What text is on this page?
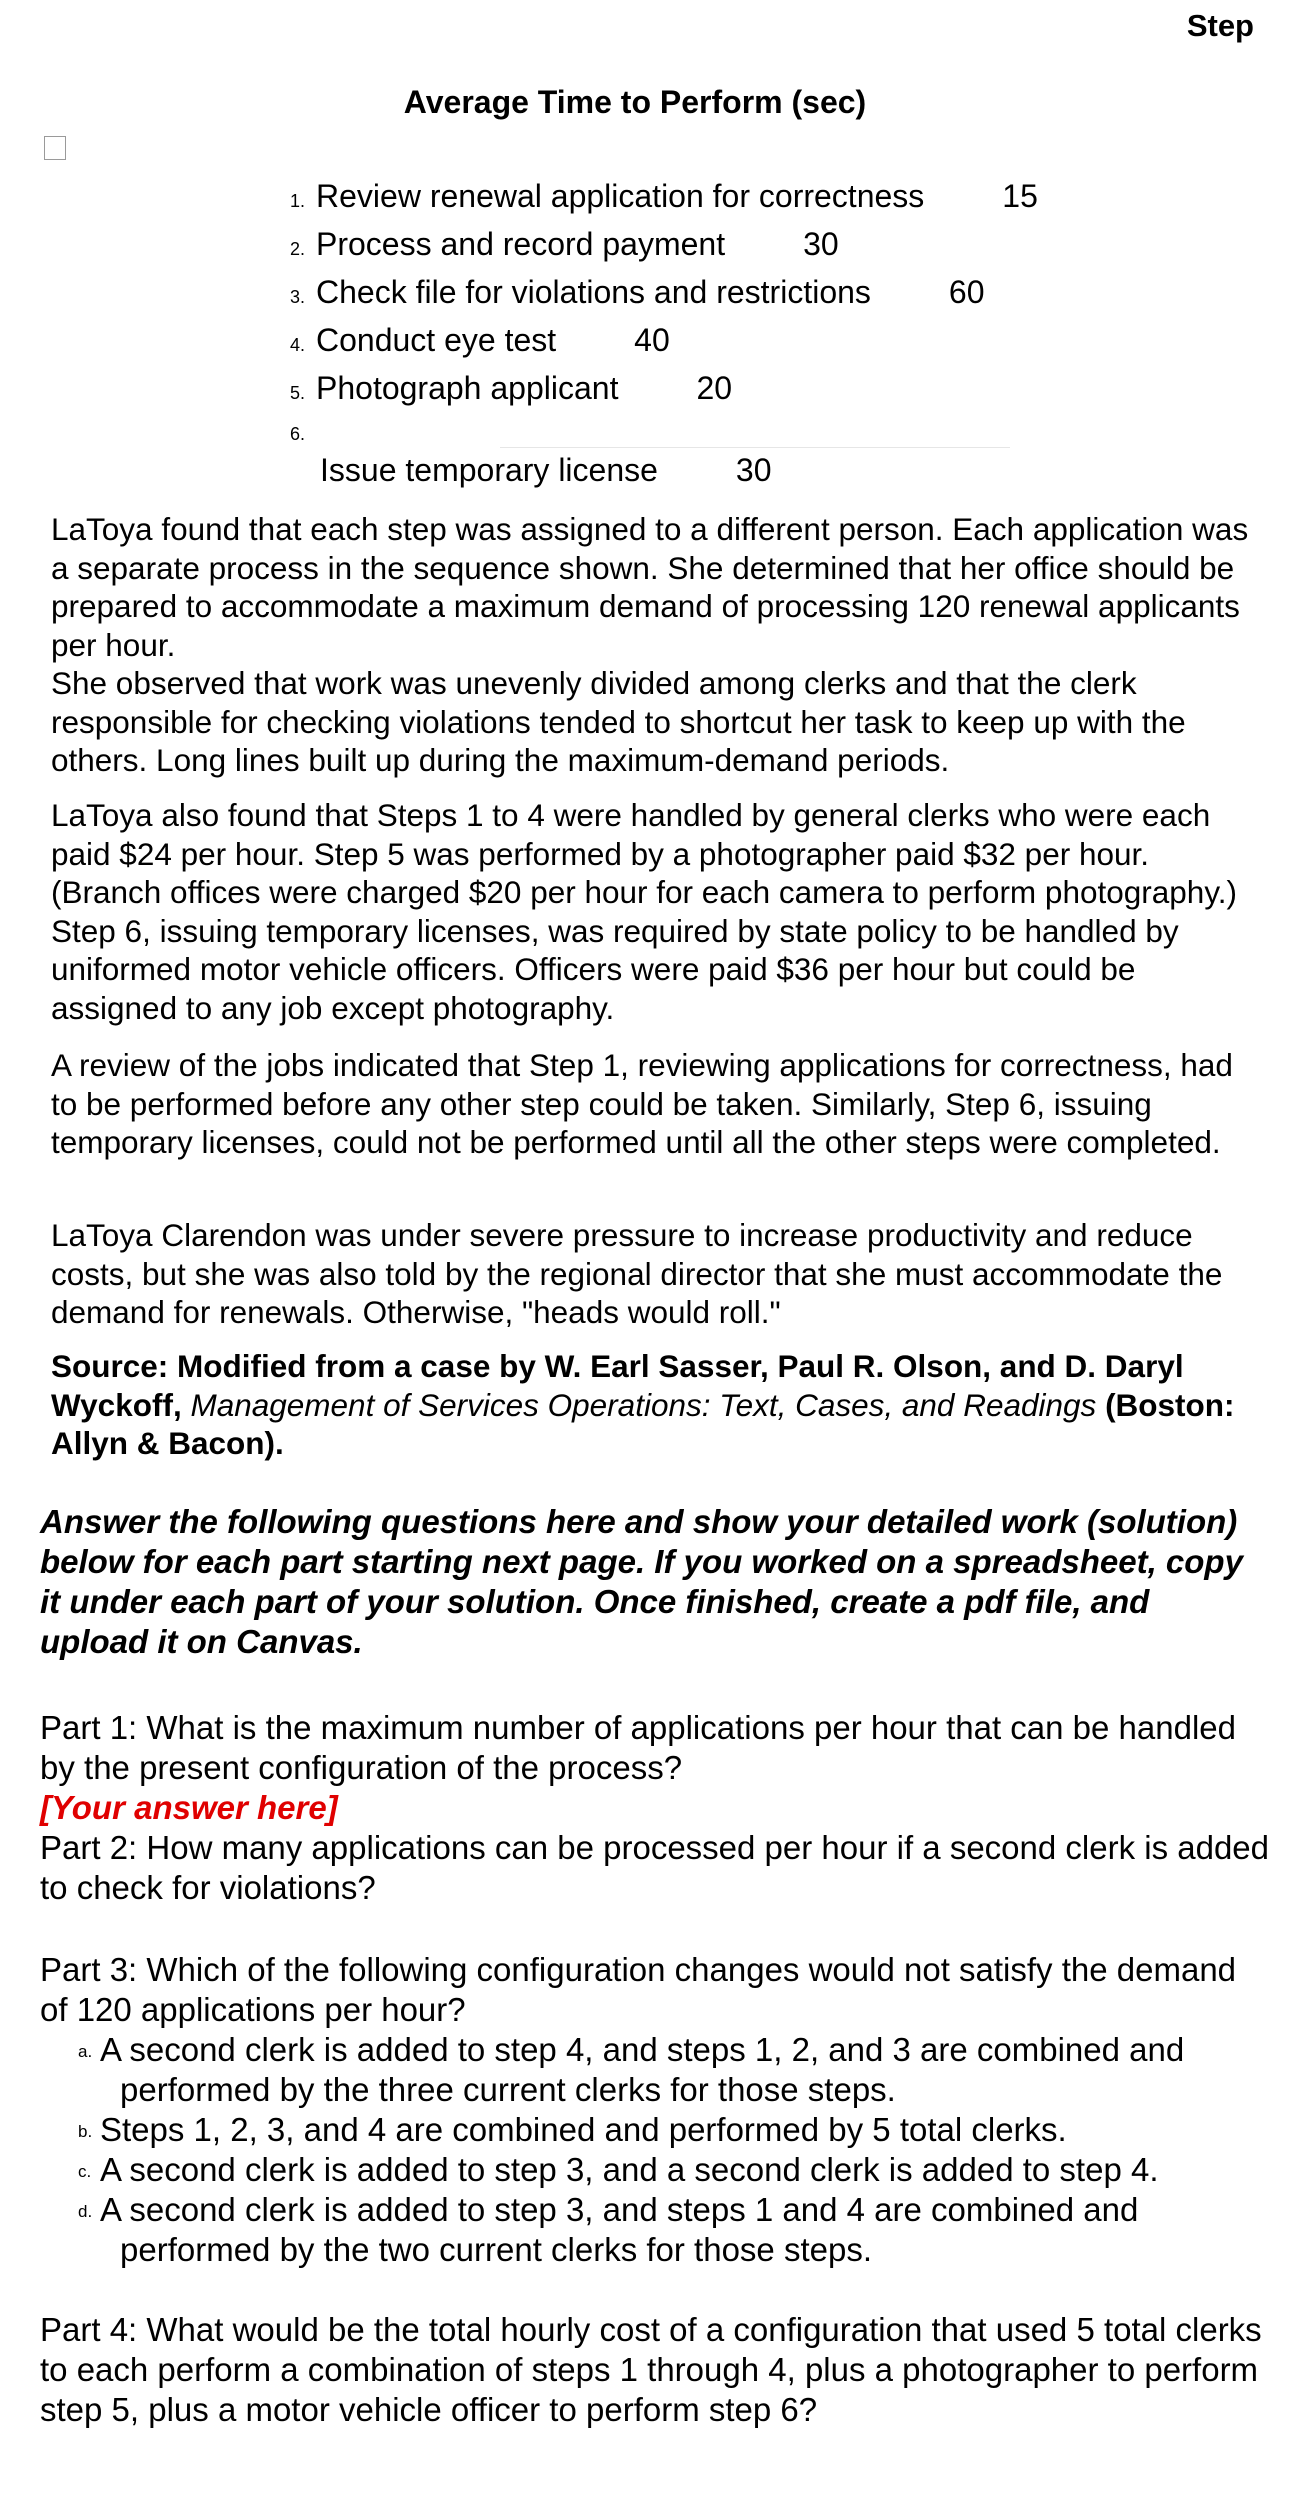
Step
Average Time to Perform (sec)
1. Review renewal application for correctness 15
2. Process and record payment 30
3. Check file for violations and restrictions 60
4. Conduct eye test 40
5. Photograph applicant 20
6.
Issue temporary license 30

LaToya found that each step was assigned to a different person. Each application was a separate process in the sequence shown. She determined that her office should be prepared to accommodate a maximum demand of processing 120 renewal applicants per hour.

She observed that work was unevenly divided among clerks and that the clerk responsible for checking violations tended to shortcut her task to keep up with the others. Long lines built up during the maximum-demand periods.

LaToya also found that Steps 1 to 4 were handled by general clerks who were each paid $24 per hour. Step 5 was performed by a photographer paid $32 per hour. (Branch offices were charged $20 per hour for each camera to perform photography.) Step 6, issuing temporary licenses, was required by state policy to be handled by uniformed motor vehicle officers. Officers were paid $36 per hour but could be assigned to any job except photography.

A review of the jobs indicated that Step 1, reviewing applications for correctness, had to be performed before any other step could be taken. Similarly, Step 6, issuing temporary licenses, could not be performed until all the other steps were completed.

LaToya Clarendon was under severe pressure to increase productivity and reduce costs, but she was also told by the regional director that she must accommodate the demand for renewals. Otherwise, "heads would roll."

Source: Modified from a case by W. Earl Sasser, Paul R. Olson, and D. Daryl Wyckoff, Management of Services Operations: Text, Cases, and Readings (Boston: Allyn & Bacon).
Answer the following questions here and show your detailed work (solution) below for each part starting next page. If you worked on a spreadsheet, copy it under each part of your solution. Once finished, create a pdf file, and upload it on Canvas.
Part 1: What is the maximum number of applications per hour that can be handled by the present configuration of the process?
[Your answer here]
Part 2: How many applications can be processed per hour if a second clerk is added to check for violations?
Part 3: Which of the following configuration changes would not satisfy the demand of 120 applications per hour?
a. A second clerk is added to step 4, and steps 1, 2, and 3 are combined and
performed by the three current clerks for those steps.
b. Steps 1, 2, 3, and 4 are combined and performed by 5 total clerks.
c. A second clerk is added to step 3, and a second clerk is added to step 4.
d. A second clerk is added to step 3, and steps 1 and 4 are combined and
performed by the two current clerks for those steps.
Part 4: What would be the total hourly cost of a configuration that used 5 total clerks to each perform a combination of steps 1 through 4, plus a photographer to perform step 5, plus a motor vehicle officer to perform step 6?
